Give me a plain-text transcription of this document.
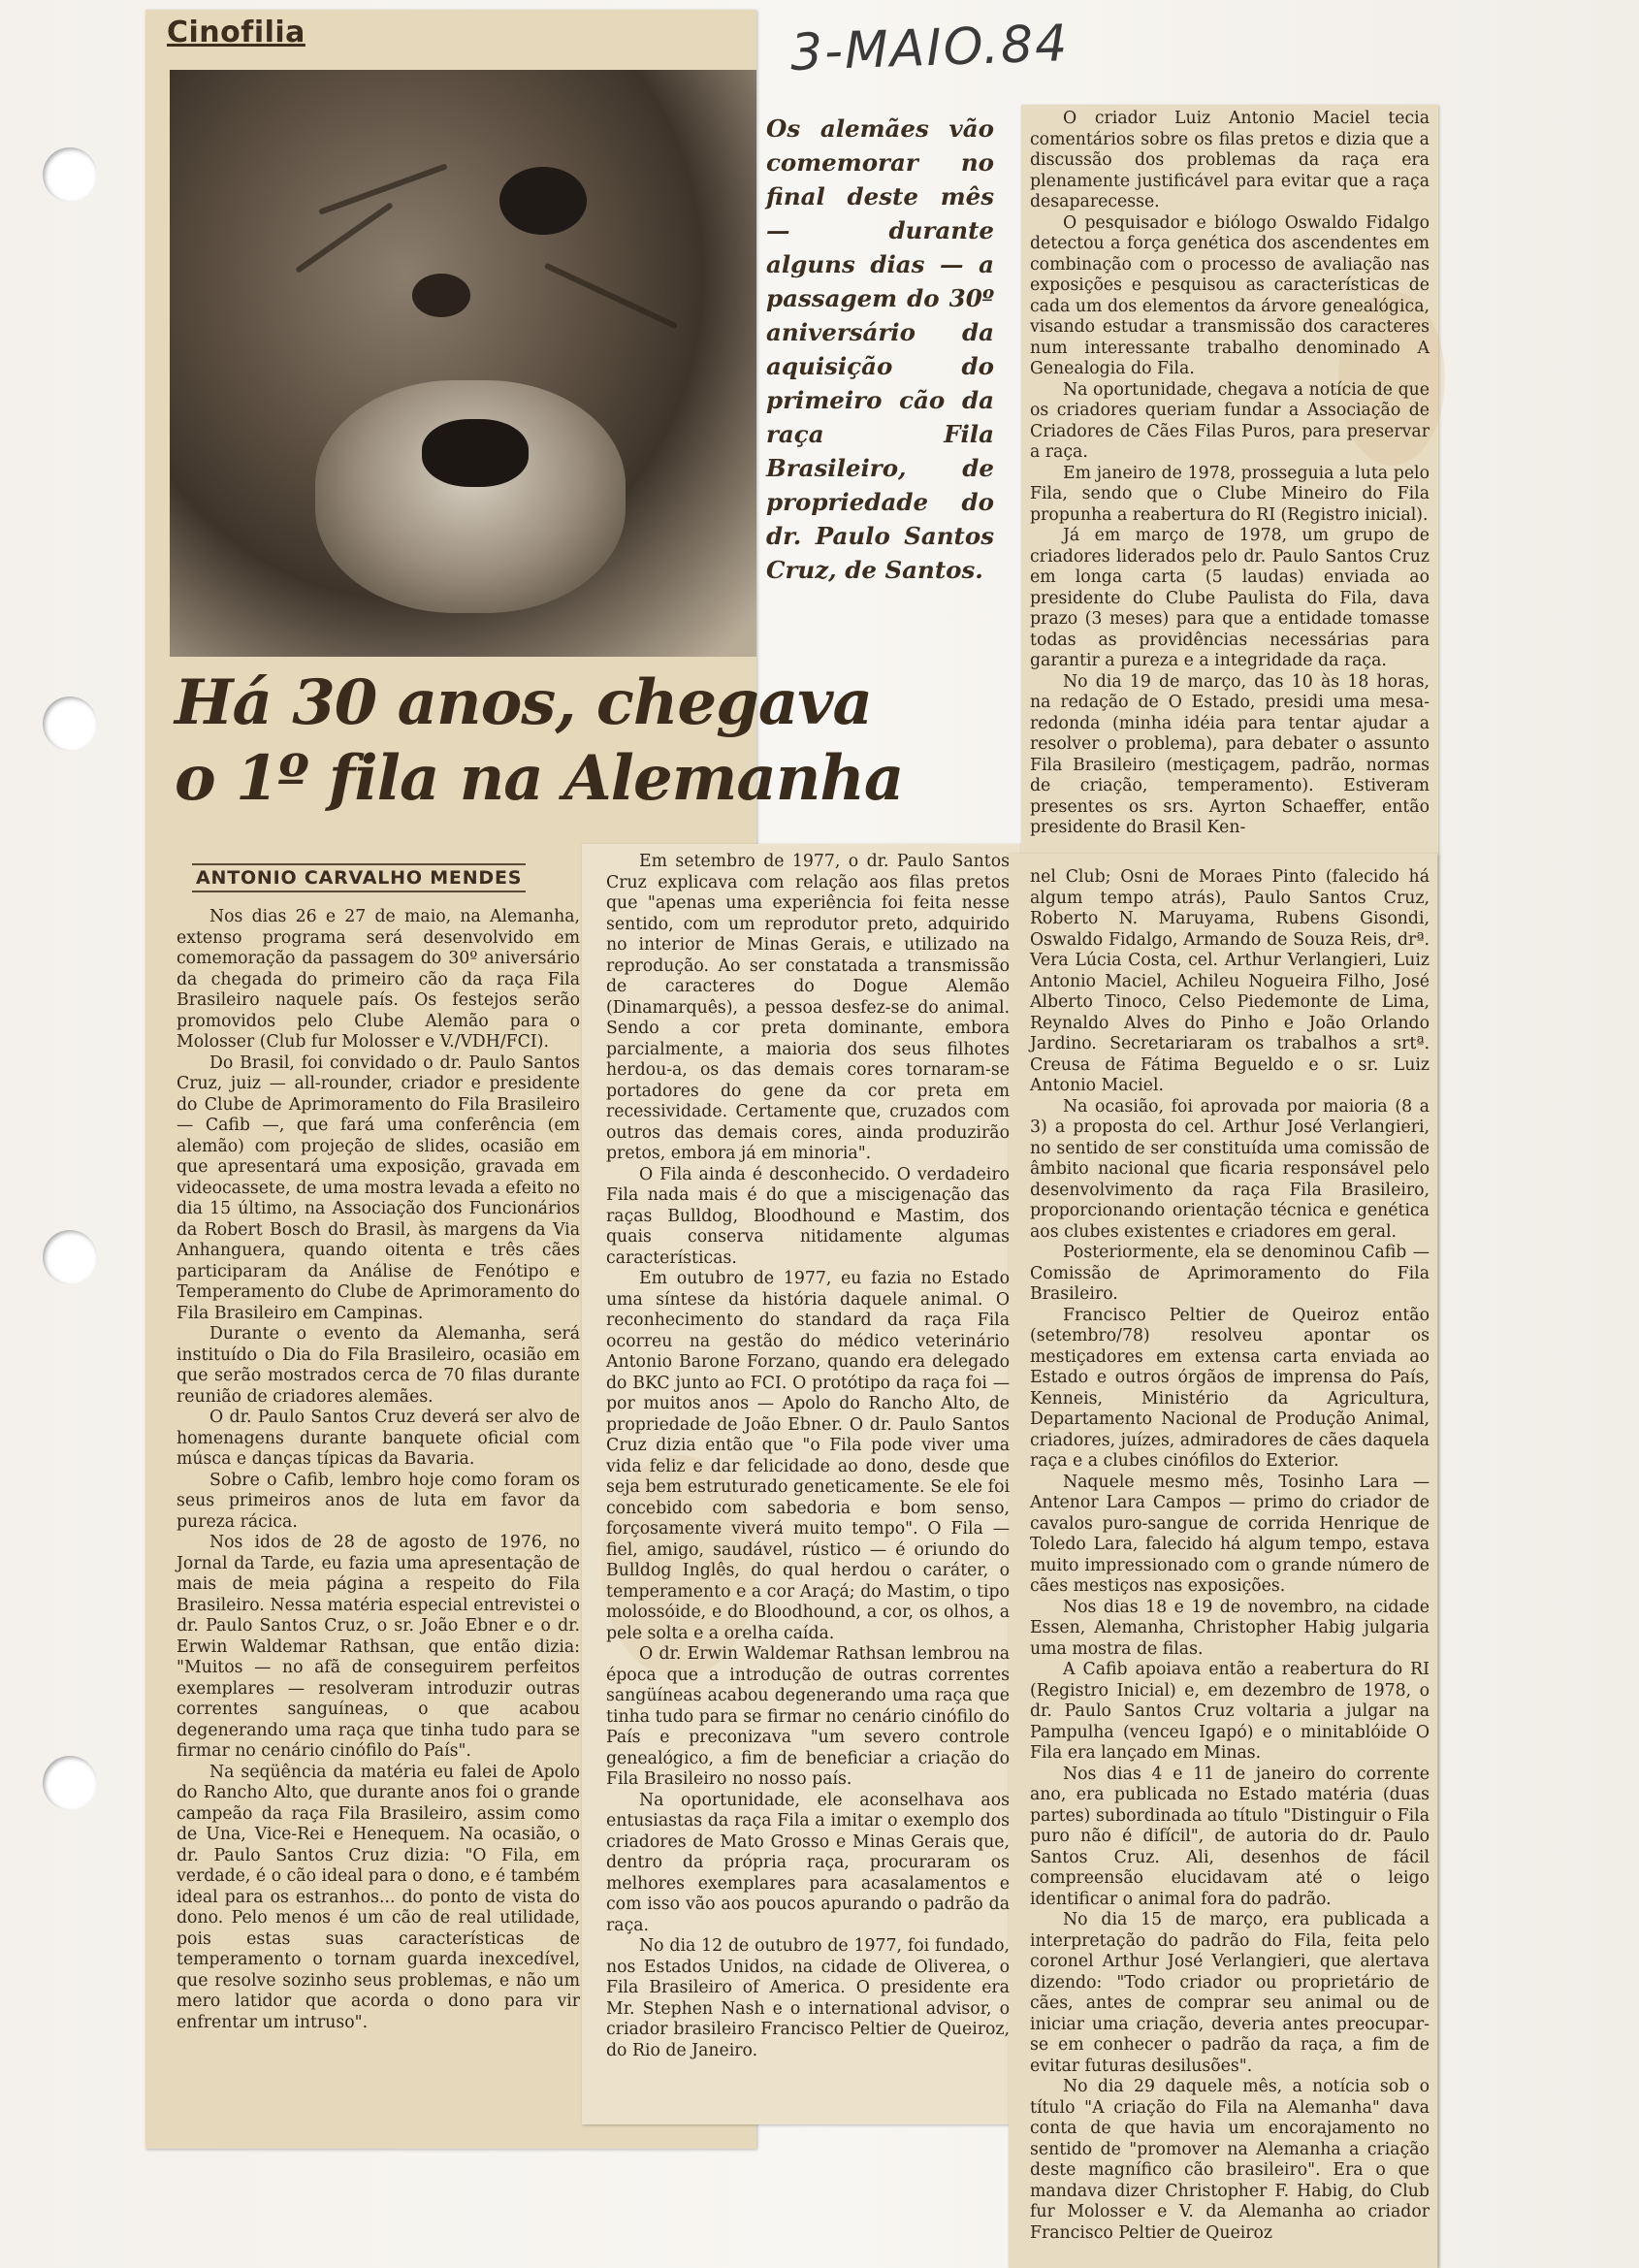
Cinofilia	3-MAIO.84
Os alemães vão comemorar no final deste mês — durante alguns dias — a passagem do 30º aniversário da aquisição do primeiro cão da raça Fila Brasileiro, de propriedade do dr. Paulo Santos Cruz, de Santos.
Há 30 anos, chegava
o 1º fila na Alemanha
ANTONIO CARVALHO MENDES

Nos dias 26 e 27 de maio, na Alemanha, extenso programa será desenvolvido em comemoração da passagem do 30º aniversário da chegada do primeiro cão da raça Fila Brasileiro naquele país. Os festejos serão promovidos pelo Clube Alemão para o Molosser (Club fur Molosser e V./VDH/FCI).

Do Brasil, foi convidado o dr. Paulo Santos Cruz, juiz — all-rounder, criador e presidente do Clube de Aprimoramento do Fila Brasileiro — Cafib —, que fará uma conferência (em alemão) com projeção de slides, ocasião em que apresentará uma exposição, gravada em videocassete, de uma mostra levada a efeito no dia 15 último, na Associação dos Funcionários da Robert Bosch do Brasil, às margens da Via Anhanguera, quando oitenta e três cães participaram da Análise de Fenótipo e Temperamento do Clube de Aprimoramento do Fila Brasileiro em Campinas.

Durante o evento da Alemanha, será instituído o Dia do Fila Brasileiro, ocasião em que serão mostrados cerca de 70 filas durante reunião de criadores alemães.

O dr. Paulo Santos Cruz deverá ser alvo de homenagens durante banquete oficial com músca e danças típicas da Bavaria.

Sobre o Cafib, lembro hoje como foram os seus primeiros anos de luta em favor da pureza rácica.

Nos idos de 28 de agosto de 1976, no Jornal da Tarde, eu fazia uma apresentação de mais de meia página a respeito do Fila Brasileiro. Nessa matéria especial entrevistei o dr. Paulo Santos Cruz, o sr. João Ebner e o dr. Erwin Waldemar Rathsan, que então dizia: "Muitos — no afã de conseguirem perfeitos exemplares — resolveram introduzir outras correntes sanguíneas, o que acabou degenerando uma raça que tinha tudo para se firmar no cenário cinófilo do País".

Na seqüência da matéria eu falei de Apolo do Rancho Alto, que durante anos foi o grande campeão da raça Fila Brasileiro, assim como de Una, Vice-Rei e Henequem. Na ocasião, o dr. Paulo Santos Cruz dizia: "O Fila, em verdade, é o cão ideal para o dono, e é também ideal para os estranhos... do ponto de vista do dono. Pelo menos é um cão de real utilidade, pois estas suas características de temperamento o tornam guarda inexcedível, que resolve sozinho seus problemas, e não um mero latidor que acorda o dono para vir enfrentar um intruso".

Em setembro de 1977, o dr. Paulo Santos Cruz explicava com relação aos filas pretos que "apenas uma experiência foi feita nesse sentido, com um reprodutor preto, adquirido no interior de Minas Gerais, e utilizado na reprodução. Ao ser constatada a transmissão de caracteres do Dogue Alemão (Dinamarquês), a pessoa desfez-se do animal. Sendo a cor preta dominante, embora parcialmente, a maioria dos seus filhotes herdou-a, os das demais cores tornaram-se portadores do gene da cor preta em recessividade. Certamente que, cruzados com outros das demais cores, ainda produzirão pretos, embora já em minoria".

O Fila ainda é desconhecido. O verdadeiro Fila nada mais é do que a miscigenação das raças Bulldog, Bloodhound e Mastim, dos quais conserva nitidamente algumas características.

Em outubro de 1977, eu fazia no Estado uma síntese da história daquele animal. O reconhecimento do standard da raça Fila ocorreu na gestão do médico veterinário Antonio Barone Forzano, quando era delegado do BKC junto ao FCI. O protótipo da raça foi — por muitos anos — Apolo do Rancho Alto, de propriedade de João Ebner. O dr. Paulo Santos Cruz dizia então que "o Fila pode viver uma vida feliz e dar felicidade ao dono, desde que seja bem estruturado geneticamente. Se ele foi concebido com sabedoria e bom senso, forçosamente viverá muito tempo". O Fila — fiel, amigo, saudável, rústico — é oriundo do Bulldog Inglês, do qual herdou o caráter, o temperamento e a cor Araçá; do Mastim, o tipo molossóide, e do Bloodhound, a cor, os olhos, a pele solta e a orelha caída.

O dr. Erwin Waldemar Rathsan lembrou na época que a introdução de outras correntes sangüíneas acabou degenerando uma raça que tinha tudo para se firmar no cenário cinófilo do País e preconizava "um severo controle genealógico, a fim de beneficiar a criação do Fila Brasileiro no nosso país.

Na oportunidade, ele aconselhava aos entusiastas da raça Fila a imitar o exemplo dos criadores de Mato Grosso e Minas Gerais que, dentro da própria raça, procuraram os melhores exemplares para acasalamentos e com isso vão aos poucos apurando o padrão da raça.

No dia 12 de outubro de 1977, foi fundado, nos Estados Unidos, na cidade de Oliverea, o Fila Brasileiro of America. O presidente era Mr. Stephen Nash e o international advisor, o criador brasileiro Francisco Peltier de Queiroz, do Rio de Janeiro.

O criador Luiz Antonio Maciel tecia comentários sobre os filas pretos e dizia que a discussão dos problemas da raça era plenamente justificável para evitar que a raça desaparecesse.

O pesquisador e biólogo Oswaldo Fidalgo detectou a força genética dos ascendentes em combinação com o processo de avaliação nas exposições e pesquisou as características de cada um dos elementos da árvore genealógica, visando estudar a transmissão dos caracteres num interessante trabalho denominado A Genealogia do Fila.

Na oportunidade, chegava a notícia de que os criadores queriam fundar a Associação de Criadores de Cães Filas Puros, para preservar a raça.

Em janeiro de 1978, prosseguia a luta pelo Fila, sendo que o Clube Mineiro do Fila propunha a reabertura do RI (Registro inicial).

Já em março de 1978, um grupo de criadores liderados pelo dr. Paulo Santos Cruz em longa carta (5 laudas) enviada ao presidente do Clube Paulista do Fila, dava prazo (3 meses) para que a entidade tomasse todas as providências necessárias para garantir a pureza e a integridade da raça.

No dia 19 de março, das 10 às 18 horas, na redação de O Estado, presidi uma mesa-redonda (minha idéia para tentar ajudar a resolver o problema), para debater o assunto Fila Brasileiro (mestiçagem, padrão, normas de criação, temperamento). Estiveram presentes os srs. Ayrton Schaeffer, então presidente do Brasil Ken-

nel Club; Osni de Moraes Pinto (falecido há algum tempo atrás), Paulo Santos Cruz, Roberto N. Maruyama, Rubens Gisondi, Oswaldo Fidalgo, Armando de Souza Reis, drª. Vera Lúcia Costa, cel. Arthur Verlangieri, Luiz Antonio Maciel, Achileu Nogueira Filho, José Alberto Tinoco, Celso Piedemonte de Lima, Reynaldo Alves do Pinho e João Orlando Jardino. Secretariaram os trabalhos a srtª. Creusa de Fátima Begueldo e o sr. Luiz Antonio Maciel.

Na ocasião, foi aprovada por maioria (8 a 3) a proposta do cel. Arthur José Verlangieri, no sentido de ser constituída uma comissão de âmbito nacional que ficaria responsável pelo desenvolvimento da raça Fila Brasileiro, proporcionando orientação técnica e genética aos clubes existentes e criadores em geral.

Posteriormente, ela se denominou Cafib — Comissão de Aprimoramento do Fila Brasileiro.

Francisco Peltier de Queiroz então (setembro/78) resolveu apontar os mestiçadores em extensa carta enviada ao Estado e outros órgãos de imprensa do País, Kenneis, Ministério da Agricultura, Departamento Nacional de Produção Animal, criadores, juízes, admiradores de cães daquela raça e a clubes cinófilos do Exterior.

Naquele mesmo mês, Tosinho Lara — Antenor Lara Campos — primo do criador de cavalos puro-sangue de corrida Henrique de Toledo Lara, falecido há algum tempo, estava muito impressionado com o grande número de cães mestiços nas exposições.

Nos dias 18 e 19 de novembro, na cidade Essen, Alemanha, Christopher Habig julgaria uma mostra de filas.

A Cafib apoiava então a reabertura do RI (Registro Inicial) e, em dezembro de 1978, o dr. Paulo Santos Cruz voltaria a julgar na Pampulha (venceu Igapó) e o minitablóide O Fila era lançado em Minas.

Nos dias 4 e 11 de janeiro do corrente ano, era publicada no Estado matéria (duas partes) subordinada ao título "Distinguir o Fila puro não é difícil", de autoria do dr. Paulo Santos Cruz. Ali, desenhos de fácil compreensão elucidavam até o leigo identificar o animal fora do padrão.

No dia 15 de março, era publicada a interpretação do padrão do Fila, feita pelo coronel Arthur José Verlangieri, que alertava dizendo: "Todo criador ou proprietário de cães, antes de comprar seu animal ou de iniciar uma criação, deveria antes preocupar-se em conhecer o padrão da raça, a fim de evitar futuras desilusões".

No dia 29 daquele mês, a notícia sob o título "A criação do Fila na Alemanha" dava conta de que havia um encorajamento no sentido de "promover na Alemanha a criação deste magnífico cão brasileiro". Era o que mandava dizer Christopher F. Habig, do Club fur Molosser e V. da Alemanha ao criador Francisco Peltier de Queiroz
